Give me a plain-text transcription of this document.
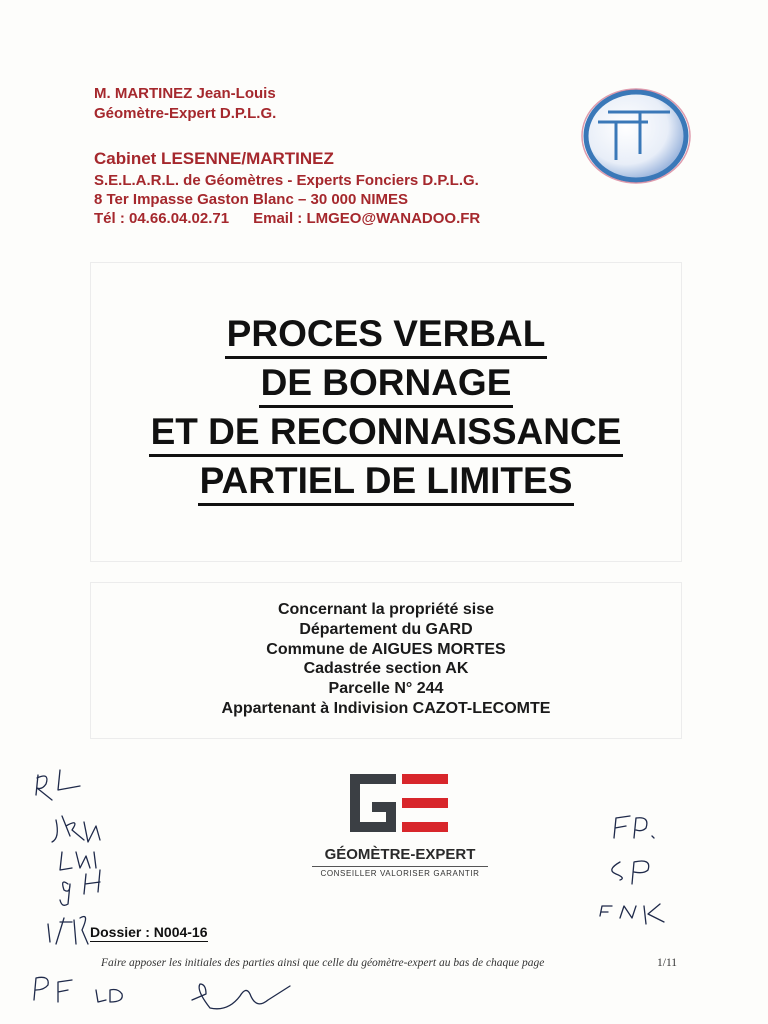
M. MARTINEZ Jean-Louis
Géomètre-Expert D.P.L.G.
Cabinet LESENNE/MARTINEZ
S.E.L.A.R.L. de Géomètres - Experts Fonciers D.P.L.G.
8 Ter Impasse Gaston Blanc – 30 000 NIMES
Tél : 04.66.04.02.71 Email : LMGEO@WANADOO.FR
PROCES VERBAL
DE BORNAGE
ET DE RECONNAISSANCE
PARTIEL DE LIMITES
Concernant la propriété sise
Département du GARD
Commune de AIGUES MORTES
Cadastrée section AK
Parcelle N° 244
Appartenant à Indivision CAZOT-LECOMTE
GÉOMÈTRE-EXPERT
CONSEILLER VALORISER GARANTIR
Dossier : N004-16
Faire apposer les initiales des parties ainsi que celle du géomètre-expert au bas de chaque page	1/11
